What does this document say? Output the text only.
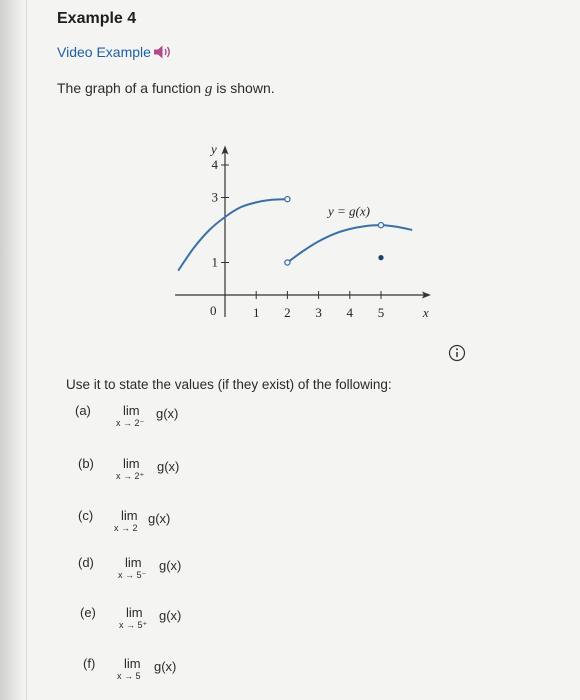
Example 4
Video Example
The graph of a function g is shown.
1 2 3 4 5
1
3
4
x
y
0
y = g(x)
Use it to state the values (if they exist) of the following:
(a) lim
x → 2⁻
g(x)
(b) lim
x → 2⁺
g(x)
(c) lim
x → 2
g(x)
(d) lim
x → 5⁻
g(x)
(e) lim
x → 5⁺
g(x)
(f) lim
x → 5
g(x)
